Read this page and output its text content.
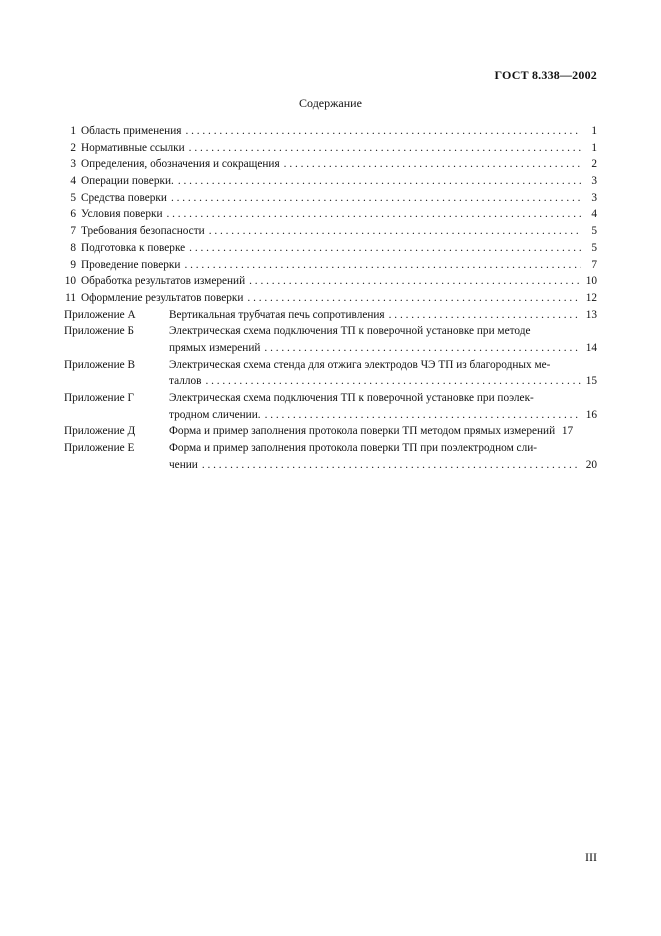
ГОСТ 8.338—2002
Содержание
1 Область применения . . .	1
2 Нормативные ссылки . . .	1
3 Определения, обозначения и сокращения . . .	2
4 Операции поверки. . . .	3
5 Средства поверки . . .	3
6 Условия поверки . . .	4
7 Требования безопасности . . .	5
8 Подготовка к поверке . . .	5
9 Проведение поверки . . .	7
10 Обработка результатов измерений . . .	10
11 Оформление результатов поверки . . .	12
Приложение А	Вертикальная трубчатая печь сопротивления . . .	13
Приложение Б	Электрическая схема подключения ТП к поверочной установке при методе
прямых измерений . . .	14
Приложение В	Электрическая схема стенда для отжига электродов ЧЭ ТП из благородных ме-
таллов . . .	15
Приложение Г	Электрическая схема подключения ТП к поверочной установке при поэлек-
тродном сличении. . . .	16
Приложение Д	Форма и пример заполнения протокола поверки ТП методом прямых измерений 17
Приложение Е	Форма и пример заполнения протокола поверки ТП при поэлектродном сли-
чении . . .	20
III
